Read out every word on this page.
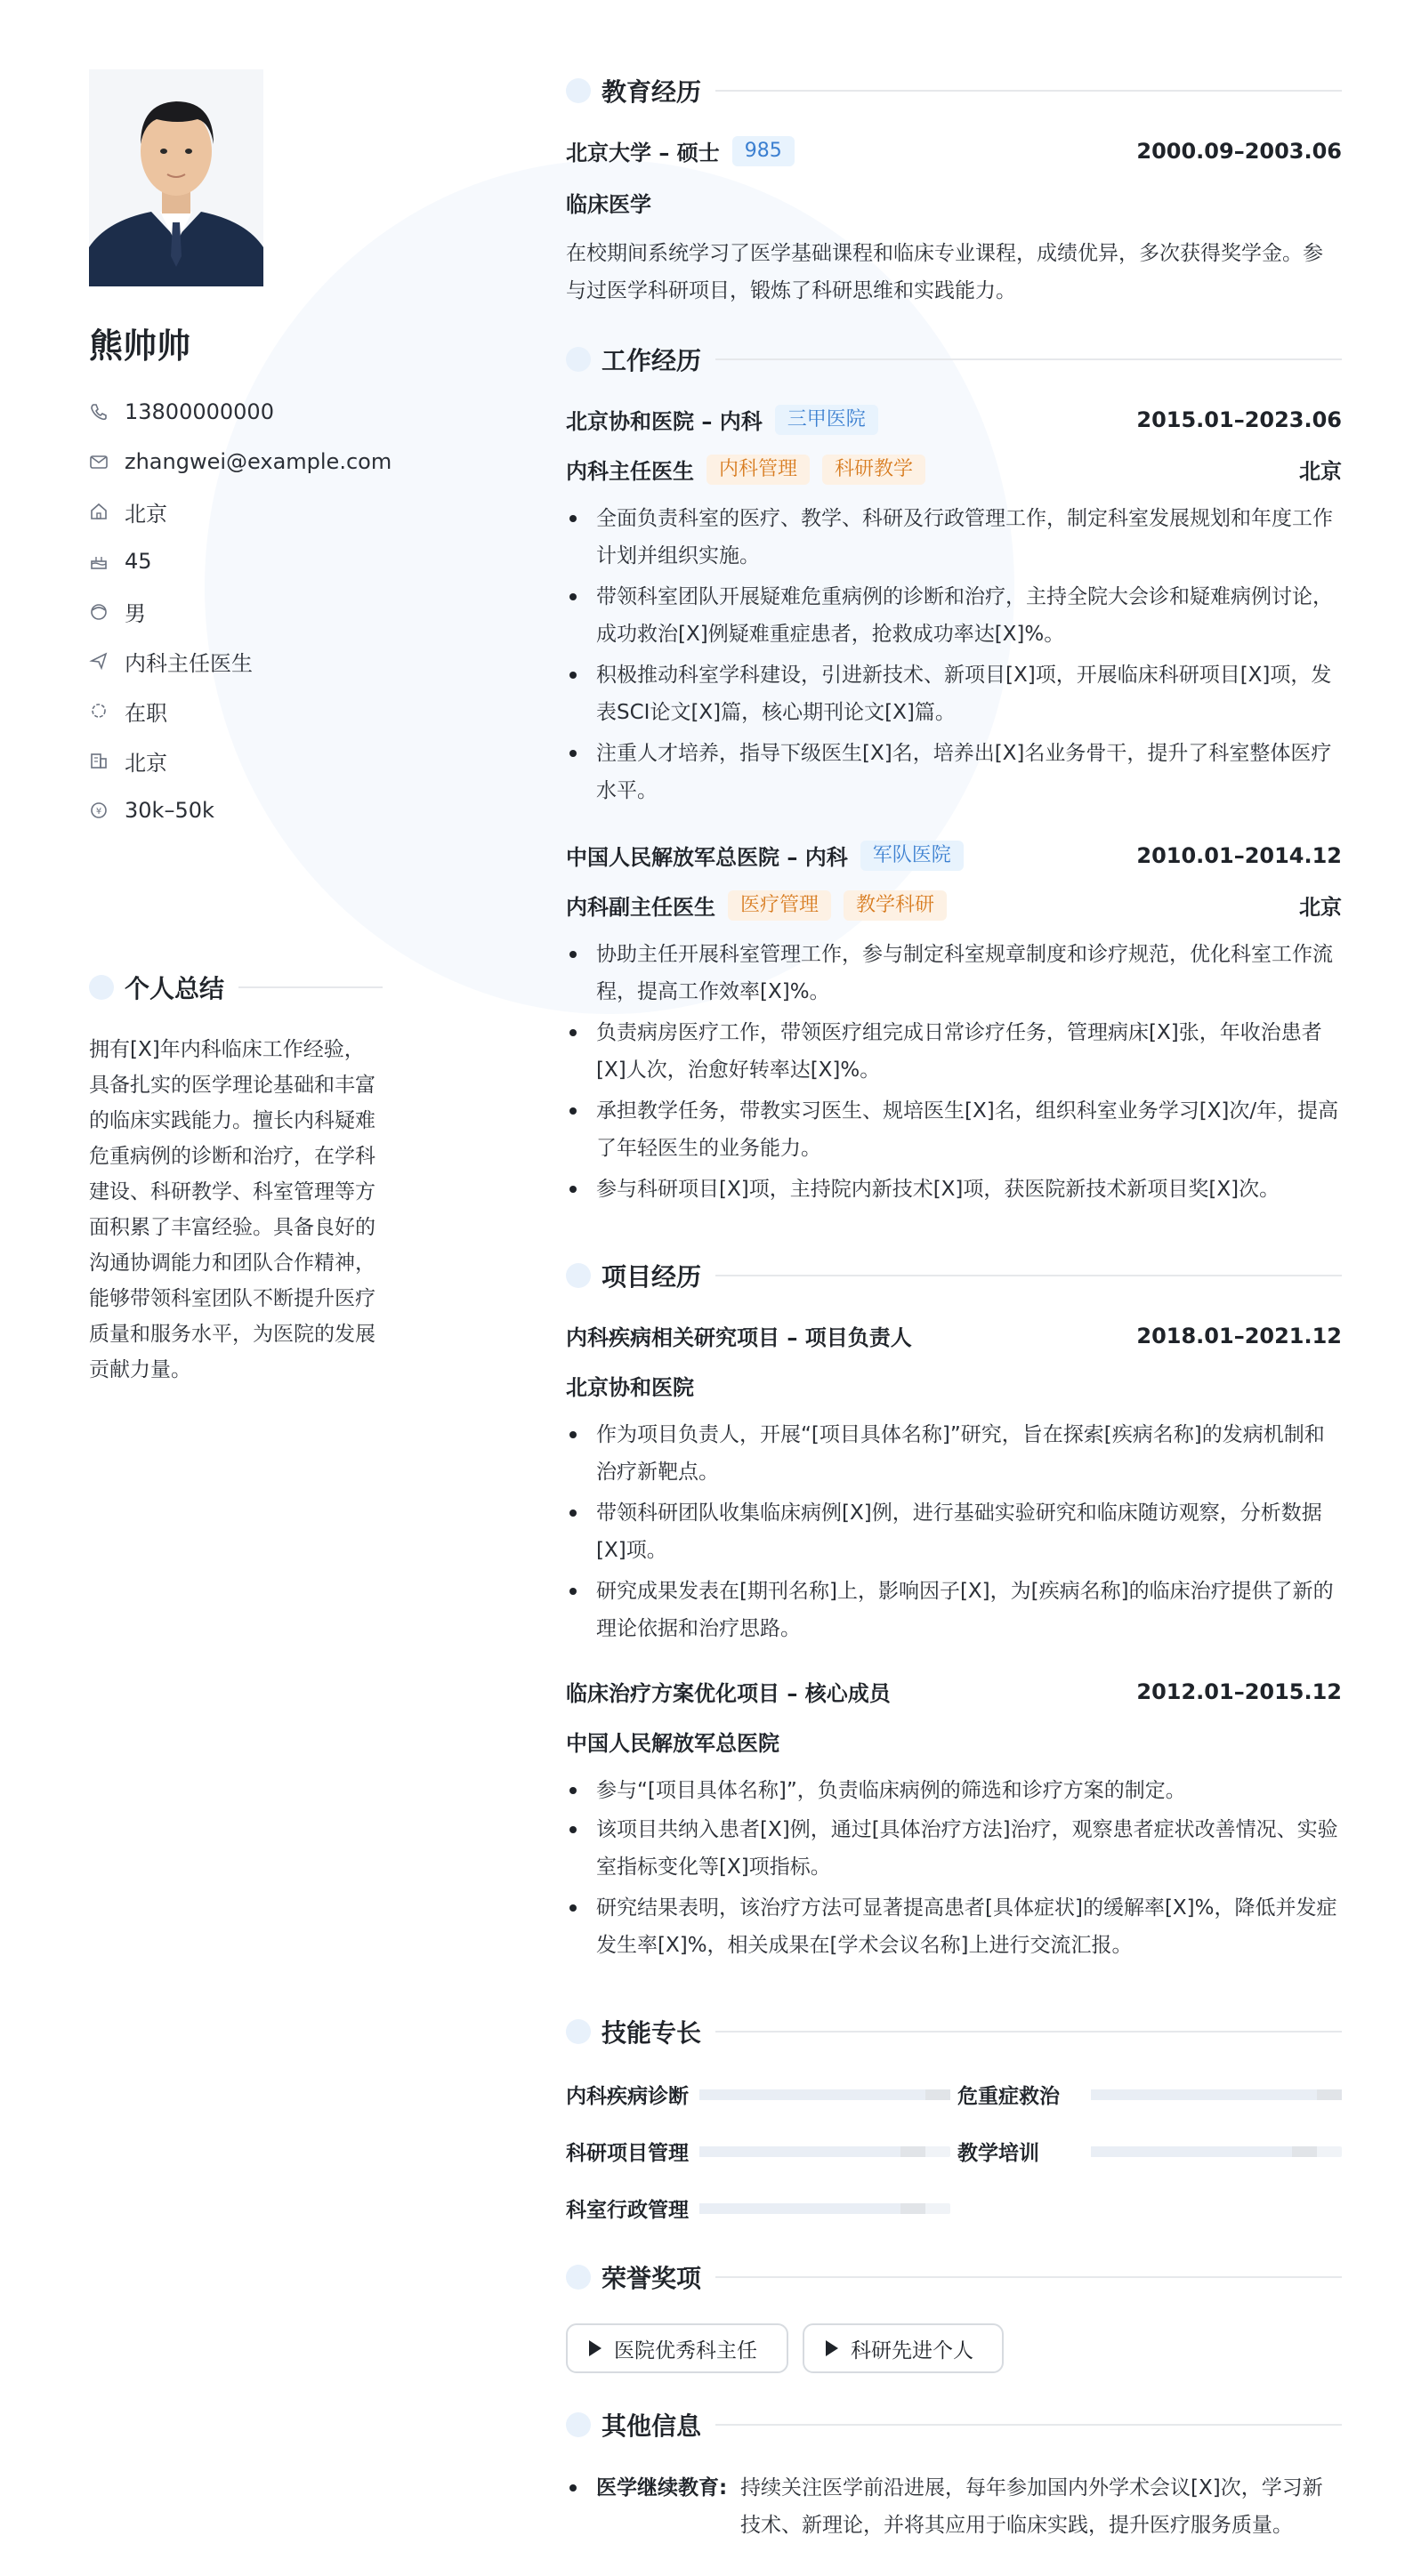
熊帅帅
13800000000
zhangwei@example.com
北京
45
男
内科主任医生
在职
北京
¥ 30k–50k
个人总结
拥有[X]年内科临床工作经验，具备扎实的医学理论基础和丰富的临床实践能力。擅长内科疑难危重病例的诊断和治疗，在学科建设、科研教学、科室管理等方面积累了丰富经验。具备良好的沟通协调能力和团队合作精神，能够带领科室团队不断提升医疗质量和服务水平，为医院的发展贡献力量。
教育经历
北京大学 – 硕士	985	2000.09–2003.06
临床医学
在校期间系统学习了医学基础课程和临床专业课程，成绩优异，多次获得奖学金。参与过医学科研项目，锻炼了科研思维和实践能力。
工作经历
北京协和医院 – 内科	三甲医院	2015.01–2023.06
内科主任医生	内科管理	科研教学	北京
全面负责科室的医疗、教学、科研及行政管理工作，制定科室发展规划和年度工作计划并组织实施。
带领科室团队开展疑难危重病例的诊断和治疗，主持全院大会诊和疑难病例讨论，成功救治[X]例疑难重症患者，抢救成功率达[X]%。
积极推动科室学科建设，引进新技术、新项目[X]项，开展临床科研项目[X]项，发表SCI论文[X]篇，核心期刊论文[X]篇。
注重人才培养，指导下级医生[X]名，培养出[X]名业务骨干，提升了科室整体医疗水平。
中国人民解放军总医院 – 内科	军队医院	2010.01–2014.12
内科副主任医生	医疗管理	教学科研	北京
协助主任开展科室管理工作，参与制定科室规章制度和诊疗规范，优化科室工作流程，提高工作效率[X]%。
负责病房医疗工作，带领医疗组完成日常诊疗任务，管理病床[X]张，年收治患者[X]人次，治愈好转率达[X]%。
承担教学任务，带教实习医生、规培医生[X]名，组织科室业务学习[X]次/年，提高了年轻医生的业务能力。
参与科研项目[X]项，主持院内新技术[X]项，获医院新技术新项目奖[X]次。
项目经历
内科疾病相关研究项目 – 项目负责人	2018.01–2021.12
北京协和医院
作为项目负责人，开展“[项目具体名称]”研究，旨在探索[疾病名称]的发病机制和治疗新靶点。
带领科研团队收集临床病例[X]例，进行基础实验研究和临床随访观察，分析数据[X]项。
研究成果发表在[期刊名称]上，影响因子[X]，为[疾病名称]的临床治疗提供了新的理论依据和治疗思路。
临床治疗方案优化项目 – 核心成员	2012.01–2015.12
中国人民解放军总医院
参与“[项目具体名称]”，负责临床病例的筛选和诊疗方案的制定。
该项目共纳入患者[X]例，通过[具体治疗方法]治疗，观察患者症状改善情况、实验室指标变化等[X]项指标。
研究结果表明，该治疗方法可显著提高患者[具体症状]的缓解率[X]%，降低并发症发生率[X]%，相关成果在[学术会议名称]上进行交流汇报。
技能专长
内科疾病诊断	危重症救治
科研项目管理	教学培训
科室行政管理
荣誉奖项
医院优秀科主任	科研先进个人
其他信息
医学继续教育: 持续关注医学前沿进展，每年参加国内外学术会议[X]次，学习新技术、新理论，并将其应用于临床实践，提升医疗服务质量。
